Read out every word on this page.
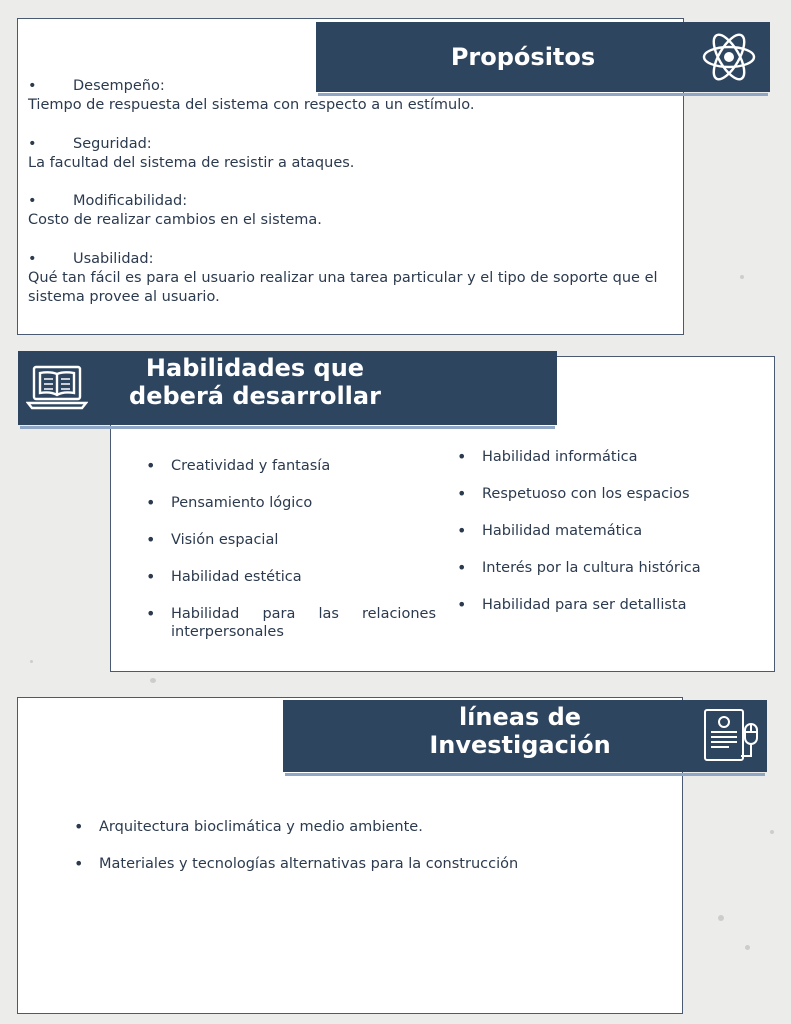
Propósitos
•	Desempeño:
Tiempo de respuesta del sistema con respecto a un estímulo.
•	Seguridad:
La facultad del sistema de resistir a ataques.
•	Modificabilidad:
Costo de realizar cambios en el sistema.
•	Usabilidad:
Qué tan fácil es para el usuario realizar una tarea particular y el tipo de soporte que el sistema provee al usuario.
Habilidades que
deberá desarrollar
• Creatividad y fantasía
• Pensamiento lógico
• Visión espacial
• Habilidad estética
• Habilidad para las relaciones interpersonales
• Habilidad informática
• Respetuoso con los espacios
• Habilidad matemática
• Interés por la cultura histórica
• Habilidad para ser detallista
líneas de
Investigación
• Arquitectura bioclimática y medio ambiente.
• Materiales y tecnologías alternativas para la construcción
